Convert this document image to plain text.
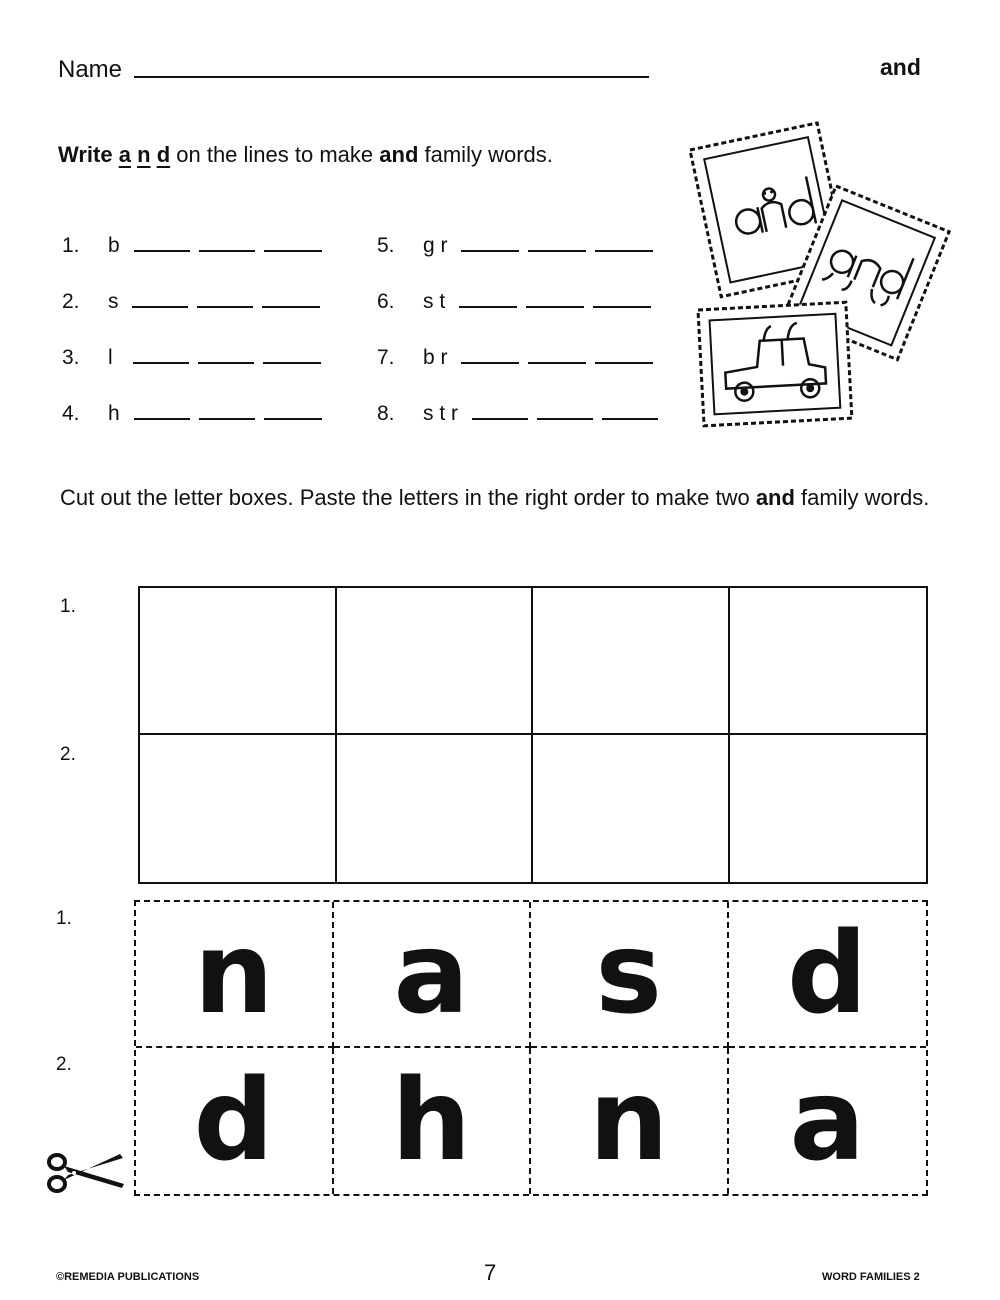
Name	and
Write a n d on the lines to make and family words.
1. b
2. s
3. l
4. h
5. g r
6. s t
7. b r
8. s t r
Cut out the letter boxes. Paste the letters in the right order to make two and family words.
1.
2.
1.
2.
n	a	s	d
d	h	n	a
©REMEDIA PUBLICATIONS	7	WORD FAMILIES 2
